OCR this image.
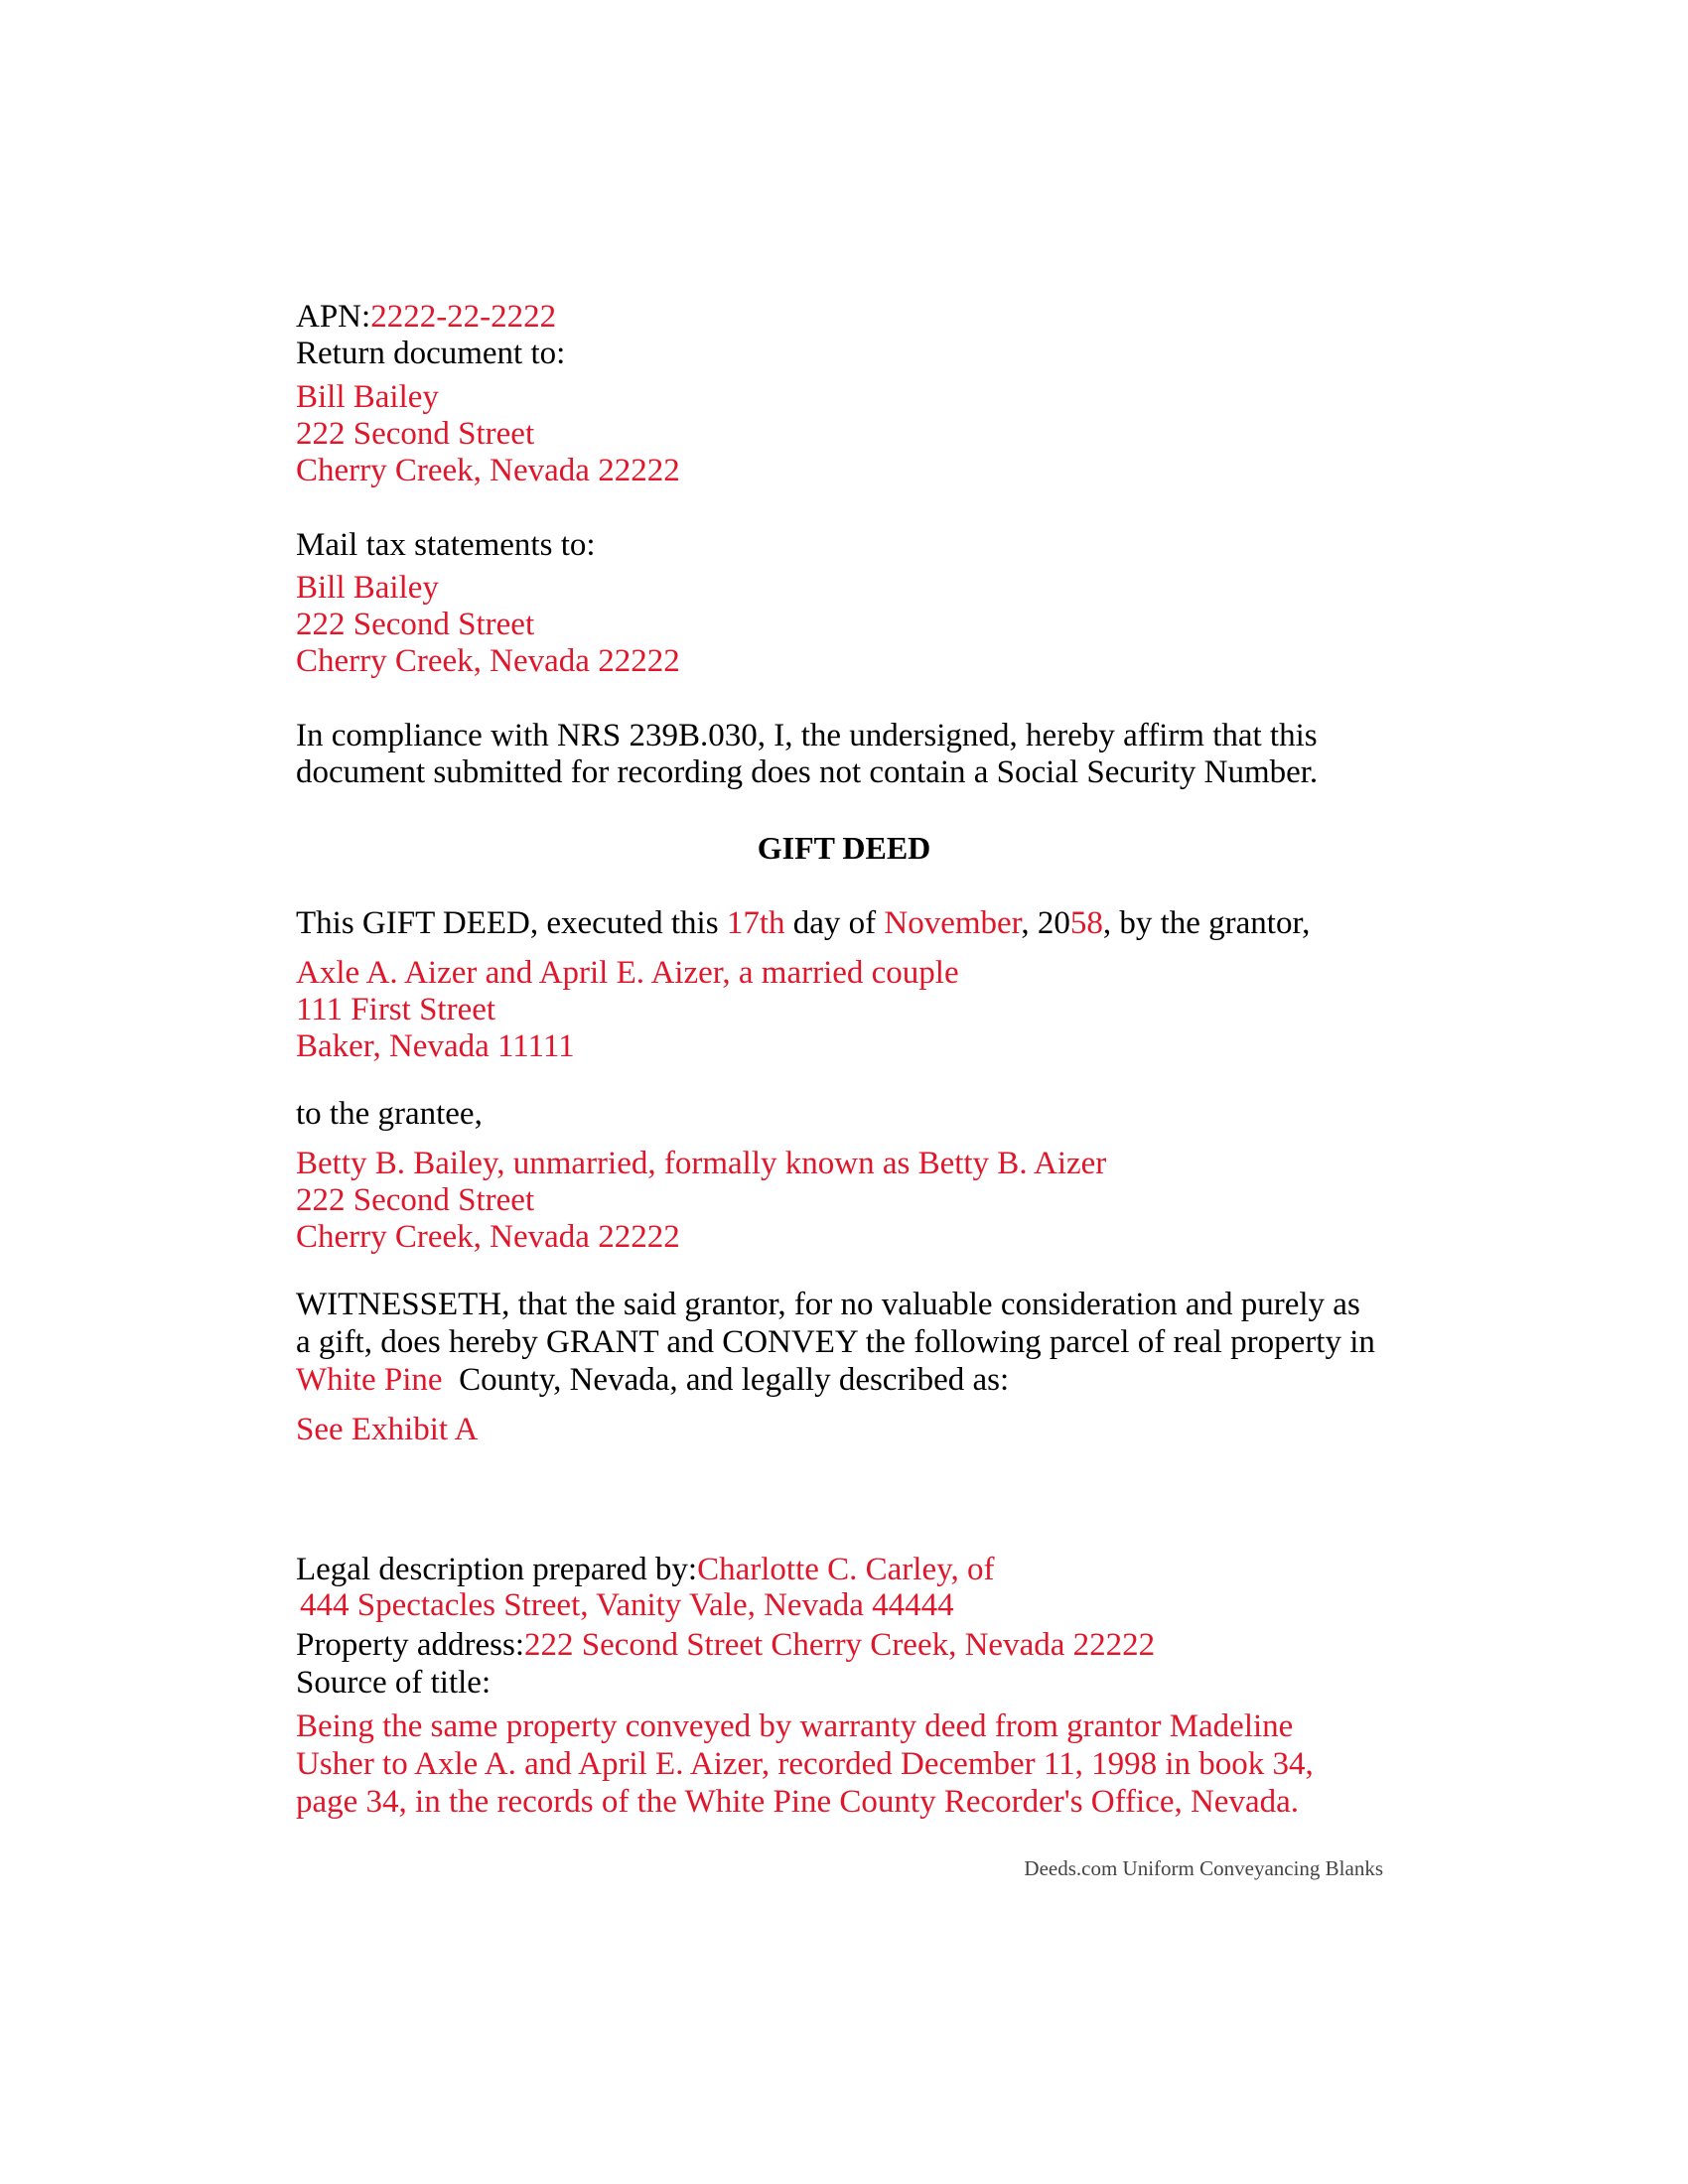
APN:2222-22-2222
Return document to:
Bill Bailey
222 Second Street
Cherry Creek, Nevada 22222
Mail tax statements to:
Bill Bailey
222 Second Street
Cherry Creek, Nevada 22222
In compliance with NRS 239B.030, I, the undersigned, hereby affirm that this
document submitted for recording does not contain a Social Security Number.
GIFT DEED
This GIFT DEED, executed this 17th day of November, 2058, by the grantor,
Axle A. Aizer and April E. Aizer, a married couple
111 First Street
Baker, Nevada 11111
to the grantee,
Betty B. Bailey, unmarried, formally known as Betty B. Aizer
222 Second Street
Cherry Creek, Nevada 22222
WITNESSETH, that the said grantor, for no valuable consideration and purely as
a gift, does hereby GRANT and CONVEY the following parcel of real property in
White Pine  County, Nevada, and legally described as:
See Exhibit A
Legal description prepared by:Charlotte C. Carley, of
444 Spectacles Street, Vanity Vale, Nevada 44444
Property address:222 Second Street Cherry Creek, Nevada 22222
Source of title:
Being the same property conveyed by warranty deed from grantor Madeline
Usher to Axle A. and April E. Aizer, recorded December 11, 1998 in book 34,
page 34, in the records of the White Pine County Recorder's Office, Nevada.
Deeds.com Uniform Conveyancing Blanks
